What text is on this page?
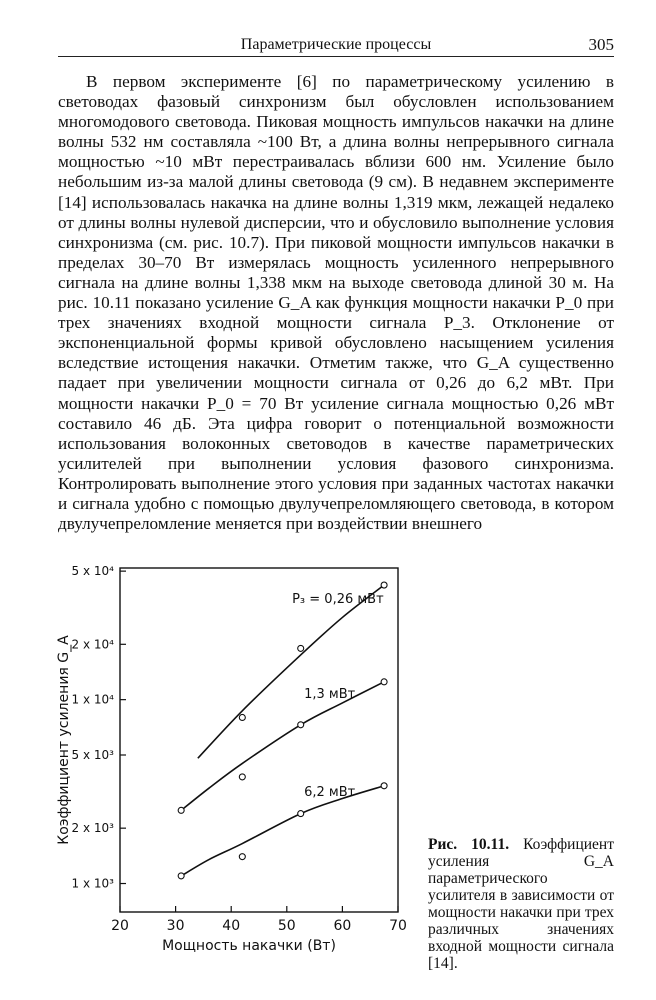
Параметрические процессы	305

В первом эксперименте [6] по параметрическому усилению в световодах фазовый синхронизм был обусловлен использованием многомодового световода. Пиковая мощность импульсов накачки на длине волны 532 нм составляла ~100 Вт, а длина волны непрерывного сигнала мощностью ~10 мВт перестраивалась вблизи 600 нм. Усиление было небольшим из-за малой длины световода (9 см). В недавнем эксперименте [14] использовалась накачка на длине волны 1,319 мкм, лежащей недалеко от длины волны нулевой дисперсии, что и обусловило выполнение условия синхронизма (см. рис. 10.7). При пиковой мощности импульсов накачки в пределах 30–70 Вт измерялась мощность усиленного непрерывного сигнала на длине волны 1,338 мкм на выходе световода длиной 30 м. На рис. 10.11 показано усиление G_A как функция мощности накачки P_0 при трех значениях входной мощности сигнала P_3. Отклонение от экспоненциальной формы кривой обусловлено насыщением усиления вследствие истощения накачки. Отметим также, что G_A существенно падает при увеличении мощности сигнала от 0,26 до 6,2 мВт. При мощности накачки P_0 = 70 Вт усиление сигнала мощностью 0,26 мВт составило 46 дБ. Эта цифра говорит о потенциальной возможности использования волоконных световодов в качестве параметрических усилителей при выполнении условия фазового синхронизма. Контролировать выполнение этого условия при заданных частотах накачки и сигнала удобно с помощью двулучепреломляющего световода, в котором двулучепреломление меняется при воздействии внешнего

20	30	40	50	60	70
1 x 10³
2 x 10³
5 x 10³
1 x 10⁴
2 x 10⁴
5 x 10⁴
Мощность накачки (Вт)
Коэффициент усиления G_A
P₃ = 0,26 мВт
1,3 мВт
6,2 мВт
Рис. 10.11. Коэффициент усиления G_A параметрического усилителя в зависимости от мощности накачки при трех различных значениях входной мощности сигнала [14].
